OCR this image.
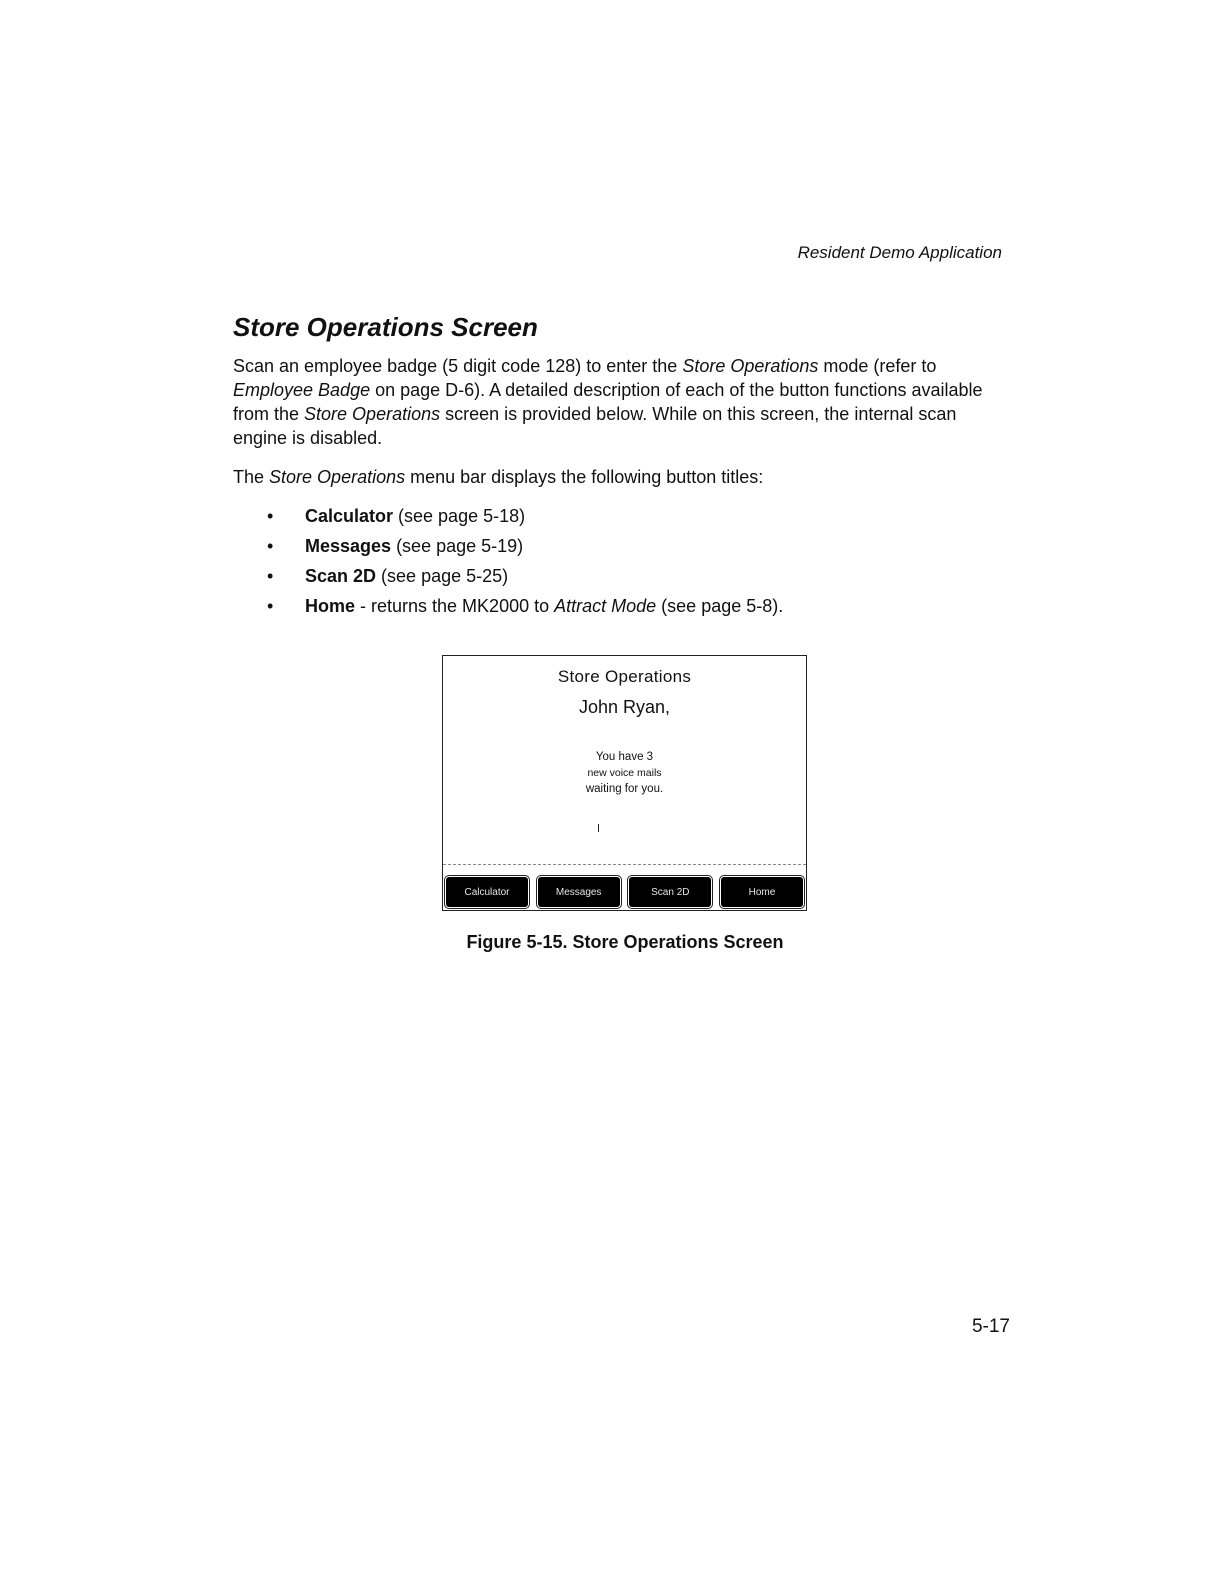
Resident Demo Application
Store Operations Screen

Scan an employee badge (5 digit code 128) to enter the Store Operations mode (refer to Employee Badge on page D-6). A detailed description of each of the button functions available from the Store Operations screen is provided below. While on this screen, the internal scan engine is disabled.

The Store Operations menu bar displays the following button titles:

• Calculator (see page 5-18)
• Messages (see page 5-19)
• Scan 2D (see page 5-25)
• Home - returns the MK2000 to Attract Mode (see page 5-8).
Store Operations
John Ryan,
You have 3
new voice mails
waiting for you.
Calculator	Messages	Scan 2D	Home
Figure 5-15. Store Operations Screen
5-17
